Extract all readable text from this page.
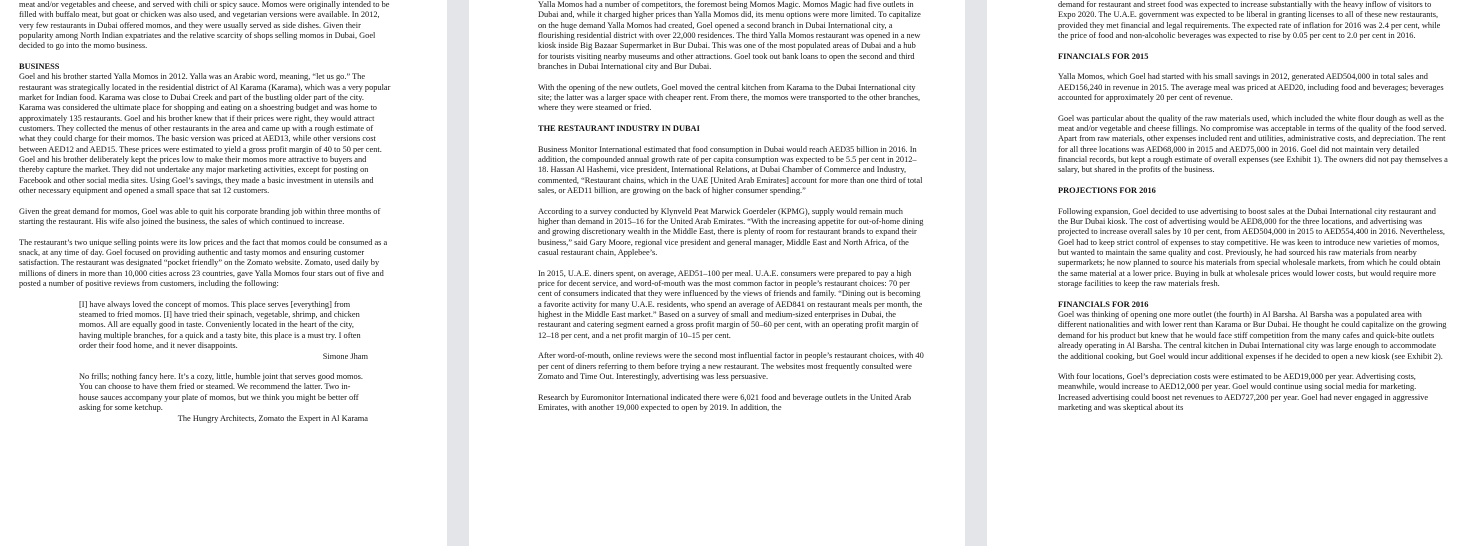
meat and/or vegetables and cheese, and served with chili or spicy sauce. Momos were originally intended to be filled with buffalo meat, but goat or chicken was also used, and vegetarian versions were available. In 2012, very few restaurants in Dubai offered momos, and they were usually served as side dishes. Given their popularity among North Indian expatriates and the relative scarcity of shops selling momos in Dubai, Goel decided to go into the momo business.

BUSINESS

Goel and his brother started Yalla Momos in 2012. Yalla was an Arabic word, meaning, “let us go.” The restaurant was strategically located in the residential district of Al Karama (Karama), which was a very popular market for Indian food. Karama was close to Dubai Creek and part of the bustling older part of the city. Karama was considered the ultimate place for shopping and eating on a shoestring budget and was home to approximately 135 restaurants. Goel and his brother knew that if their prices were right, they would attract customers. They collected the menus of other restaurants in the area and came up with a rough estimate of what they could charge for their momos. The basic version was priced at AED13, while other versions cost between AED12 and AED15. These prices were estimated to yield a gross profit margin of 40 to 50 per cent. Goel and his brother deliberately kept the prices low to make their momos more attractive to buyers and thereby capture the market. They did not undertake any major marketing activities, except for posting on Facebook and other social media sites. Using Goel’s savings, they made a basic investment in utensils and other necessary equipment and opened a small space that sat 12 customers.

Given the great demand for momos, Goel was able to quit his corporate branding job within three months of starting the restaurant. His wife also joined the business, the sales of which continued to increase.

The restaurant’s two unique selling points were its low prices and the fact that momos could be consumed as a snack, at any time of day. Goel focused on providing authentic and tasty momos and ensuring customer satisfaction. The restaurant was designated “pocket friendly” on the Zomato website. Zomato, used daily by millions of diners in more than 10,000 cities across 23 countries, gave Yalla Momos four stars out of five and posted a number of positive reviews from customers, including the following:

[I] have always loved the concept of momos. This place serves [everything] from steamed to fried momos. [I] have tried their spinach, vegetable, shrimp, and chicken momos. All are equally good in taste. Conveniently located in the heart of the city, having multiple branches, for a quick and a tasty bite, this place is a must try. I often order their food home, and it never disappoints.
Simone Jham
No frills; nothing fancy here. It’s a cozy, little, humble joint that serves good momos. You can choose to have them fried or steamed. We recommend the latter. Two in-house sauces accompany your plate of momos, but we think you might be better off asking for some ketchup.
The Hungry Architects, Zomato the Expert in Al Karama

Yalla Momos had a number of competitors, the foremost being Momos Magic. Momos Magic had five outlets in Dubai and, while it charged higher prices than Yalla Momos did, its menu options were more limited. To capitalize on the huge demand Yalla Momos had created, Goel opened a second branch in Dubai International city, a flourishing residential district with over 22,000 residences. The third Yalla Momos restaurant was opened in a new kiosk inside Big Bazaar Supermarket in Bur Dubai. This was one of the most populated areas of Dubai and a hub for tourists visiting nearby museums and other attractions. Goel took out bank loans to open the second and third branches in Dubai International city and Bur Dubai.

With the opening of the new outlets, Goel moved the central kitchen from Karama to the Dubai International city site; the latter was a larger space with cheaper rent. From there, the momos were transported to the other branches, where they were steamed or fried.

THE RESTAURANT INDUSTRY IN DUBAI

Business Monitor International estimated that food consumption in Dubai would reach AED35 billion in 2016. In addition, the compounded annual growth rate of per capita consumption was expected to be 5.5 per cent in 2012–18. Hassan Al Hashemi, vice president, International Relations, at Dubai Chamber of Commerce and Industry, commented, “Restaurant chains, which in the UAE [United Arab Emirates] account for more than one third of total sales, or AED11 billion, are growing on the back of higher consumer spending.”

According to a survey conducted by Klynveld Peat Marwick Goerdeler (KPMG), supply would remain much higher than demand in 2015–16 for the United Arab Emirates. “With the increasing appetite for out-of-home dining and growing discretionary wealth in the Middle East, there is plenty of room for restaurant brands to expand their business,” said Gary Moore, regional vice president and general manager, Middle East and North Africa, of the casual restaurant chain, Applebee’s.

In 2015, U.A.E. diners spent, on average, AED51–100 per meal. U.A.E. consumers were prepared to pay a high price for decent service, and word-of-mouth was the most common factor in people’s restaurant choices: 70 per cent of consumers indicated that they were influenced by the views of friends and family. “Dining out is becoming a favorite activity for many U.A.E. residents, who spend an average of AED841 on restaurant meals per month, the highest in the Middle East market.” Based on a survey of small and medium-sized enterprises in Dubai, the restaurant and catering segment earned a gross profit margin of 50–60 per cent, with an operating profit margin of 12–18 per cent, and a net profit margin of 10–15 per cent.

After word-of-mouth, online reviews were the second most influential factor in people’s restaurant choices, with 40 per cent of diners referring to them before trying a new restaurant. The websites most frequently consulted were Zomato and Time Out. Interestingly, advertising was less persuasive.

Research by Euromonitor International indicated there were 6,021 food and beverage outlets in the United Arab Emirates, with another 19,000 expected to open by 2019. In addition, the

demand for restaurant and street food was expected to increase substantially with the heavy inflow of visitors to Expo 2020. The U.A.E. government was expected to be liberal in granting licenses to all of these new restaurants, provided they met financial and legal requirements. The expected rate of inflation for 2016 was 2.4 per cent, while the price of food and non-alcoholic beverages was expected to rise by 0.05 per cent to 2.0 per cent in 2016.

FINANCIALS FOR 2015

Yalla Momos, which Goel had started with his small savings in 2012, generated AED504,000 in total sales and AED156,240 in revenue in 2015. The average meal was priced at AED20, including food and beverages; beverages accounted for approximately 20 per cent of revenue.

Goel was particular about the quality of the raw materials used, which included the white flour dough as well as the meat and/or vegetable and cheese fillings. No compromise was acceptable in terms of the quality of the food served. Apart from raw materials, other expenses included rent and utilities, administrative costs, and depreciation. The rent for all three locations was AED68,000 in 2015 and AED75,000 in 2016. Goel did not maintain very detailed financial records, but kept a rough estimate of overall expenses (see Exhibit 1). The owners did not pay themselves a salary, but shared in the profits of the business.

PROJECTIONS FOR 2016

Following expansion, Goel decided to use advertising to boost sales at the Dubai International city restaurant and the Bur Dubai kiosk. The cost of advertising would be AED8,000 for the three locations, and advertising was projected to increase overall sales by 10 per cent, from AED504,000 in 2015 to AED554,400 in 2016. Nevertheless, Goel had to keep strict control of expenses to stay competitive. He was keen to introduce new varieties of momos, but wanted to maintain the same quality and cost. Previously, he had sourced his raw materials from nearby supermarkets; he now planned to source his materials from special wholesale markets, from which he could obtain the same material at a lower price. Buying in bulk at wholesale prices would lower costs, but would require more storage facilities to keep the raw materials fresh.

FINANCIALS FOR 2016

Goel was thinking of opening one more outlet (the fourth) in Al Barsha. Al Barsha was a populated area with different nationalities and with lower rent than Karama or Bur Dubai. He thought he could capitalize on the growing demand for his product but knew that he would face stiff competition from the many cafes and quick-bite outlets already operating in Al Barsha. The central kitchen in Dubai International city was large enough to accommodate the additional cooking, but Goel would incur additional expenses if he decided to open a new kiosk (see Exhibit 2).

With four locations, Goel’s depreciation costs were estimated to be AED19,000 per year. Advertising costs, meanwhile, would increase to AED12,000 per year. Goel would continue using social media for marketing. Increased advertising could boost net revenues to AED727,200 per year. Goel had never engaged in aggressive marketing and was skeptical about its
